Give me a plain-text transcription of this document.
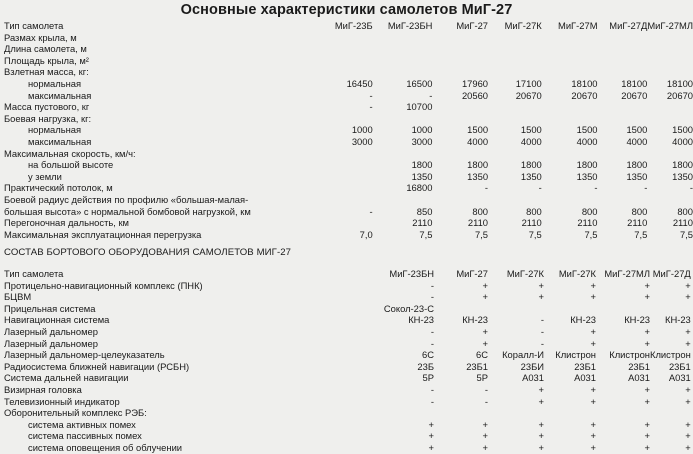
Основные характеристики самолетов МиГ-27
Тип самолета	МиГ-23Б	МиГ-23БН	МиГ-27	МиГ-27К	МиГ-27М	МиГ-27Д	МиГ-27МЛ
Размах крыла, м							
Длина самолета, м							
Площадь крыла, м²							
Взлетная масса, кг:							
нормальная	16450	16500	17960	17100	18100	18100	18100
максимальная	-	-	20560	20670	20670	20670	20670
Масса пустового, кг	-	10700					
Боевая нагрузка, кг:							
нормальная	1000	1000	1500	1500	1500	1500	1500
максимальная	3000	3000	4000	4000	4000	4000	4000
Максимальная скорость, км/ч:							
на большой высоте		1800	1800	1800	1800	1800	1800
у земли		1350	1350	1350	1350	1350	1350
Практический потолок, м		16800	-	-	-	-	-
Боевой радиус действия по профилю «большая-малая-							
большая высота» с нормальной бомбовой нагрузкой, км	-	850	800	800	800	800	800
Перегоночная дальность, км		2110	2110	2110	2110	2110	2110
Максимальная эксплуатационная перегрузка	7,0	7,5	7,5	7,5	7,5	7,5	7,5
СОСТАВ БОРТОВОГО ОБОРУДОВАНИЯ САМОЛЕТОВ МИГ-27
Тип самолета	МиГ-23БН	МиГ-27	МиГ-27К	МиГ-27К	МиГ-27МЛ	МиГ-27Д
Протицельно-навигационный комплекс (ПНК)	-	+	+	+	+	+
БЦВМ	-	+	+	+	+	+
Прицельная система	Сокол-23-С					
Навигационная система	КН-23	КН-23	-	КН-23	КН-23	КН-23
Лазерный дальномер	-	+	-	+	+	+
Лазерный дальномер	-	+	-	+	+	+
Лазерный дальномер-целеуказатель	6С	6С	Коралл-И	Клистрон	Клистрон	Клистрон
Радиосистема ближней навигации (РСБН)	23Б	23Б1	23БИ	23Б1	23Б1	23Б1
Система дальней навигации	5Р	5Р	А031	А031	А031	А031
Визирная головка	-	-	+	+	+	+
Телевизионный индикатор	-	-	+	+	+	+
Оборонительный комплекс РЭБ:						
система активных помех	+	+	+	+	+	+
система пассивных помех	+	+	+	+	+	+
система оповещения об облучении	+	+	+	+	+	+
